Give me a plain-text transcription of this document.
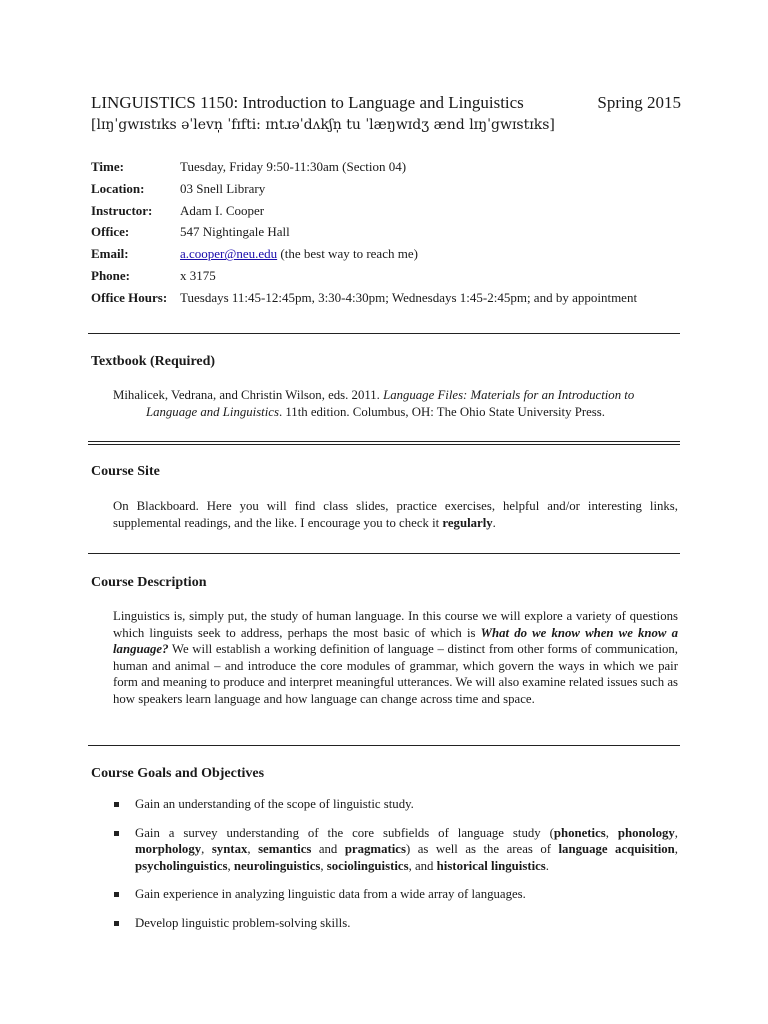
LINGUISTICS 1150: Introduction to Language and Linguistics	Spring 2015
[lɪŋˈgwɪstɪks əˈlevn̩ ˈfɪfti: ɪntɹəˈdʌkʃn̩ tu ˈlæŋwɪdʒ ænd lɪŋˈgwɪstɪks]
Time:	Tuesday, Friday 9:50-11:30am (Section 04)
Location:	03 Snell Library
Instructor:	Adam I. Cooper
Office:	547 Nightingale Hall
Email:	a.cooper@neu.edu (the best way to reach me)
Phone:	x 3175
Office Hours: Tuesdays 11:45-12:45pm, 3:30-4:30pm; Wednesdays 1:45-2:45pm; and by appointment
Textbook (Required)
Mihalicek, Vedrana, and Christin Wilson, eds. 2011. Language Files: Materials for an Introduction to Language and Linguistics. 11th edition. Columbus, OH: The Ohio State University Press.
Course Site
On Blackboard. Here you will find class slides, practice exercises, helpful and/or interesting links, supplemental readings, and the like. I encourage you to check it regularly.
Course Description
Linguistics is, simply put, the study of human language. In this course we will explore a variety of questions which linguists seek to address, perhaps the most basic of which is What do we know when we know a language? We will establish a working definition of language – distinct from other forms of communication, human and animal – and introduce the core modules of grammar, which govern the ways in which we pair form and meaning to produce and interpret meaningful utterances. We will also examine related issues such as how speakers learn language and how language can change across time and space.
Course Goals and Objectives
Gain an understanding of the scope of linguistic study.
Gain a survey understanding of the core subfields of language study (phonetics, phonology, morphology, syntax, semantics and pragmatics) as well as the areas of language acquisition, psycholinguistics, neurolinguistics, sociolinguistics, and historical linguistics.
Gain experience in analyzing linguistic data from a wide array of languages.
Develop linguistic problem-solving skills.
